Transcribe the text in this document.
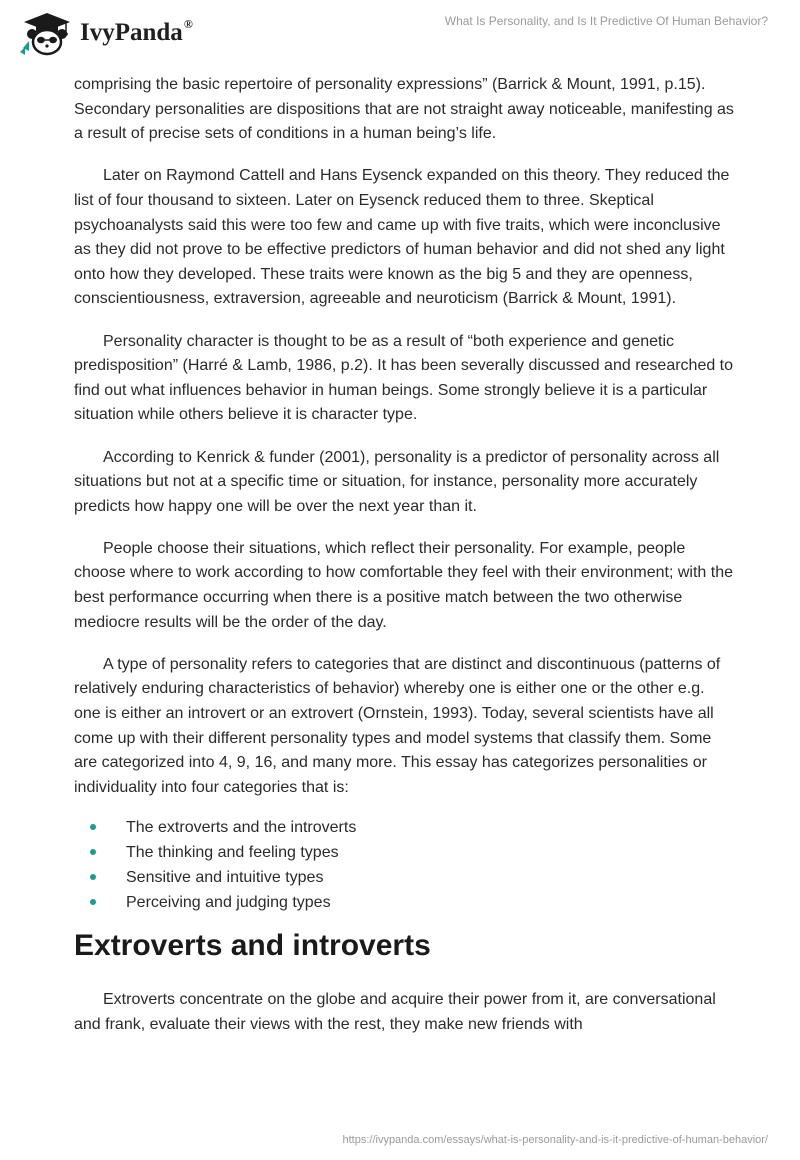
IvyPanda®	What Is Personality, and Is It Predictive Of Human Behavior?

comprising the basic repertoire of personality expressions” (Barrick & Mount, 1991, p.15). Secondary personalities are dispositions that are not straight away noticeable, manifesting as a result of precise sets of conditions in a human being’s life.

Later on Raymond Cattell and Hans Eysenck expanded on this theory. They reduced the list of four thousand to sixteen. Later on Eysenck reduced them to three. Skeptical psychoanalysts said this were too few and came up with five traits, which were inconclusive as they did not prove to be effective predictors of human behavior and did not shed any light onto how they developed. These traits were known as the big 5 and they are openness, conscientiousness, extraversion, agreeable and neuroticism (Barrick & Mount, 1991).

Personality character is thought to be as a result of “both experience and genetic predisposition” (Harré & Lamb, 1986, p.2). It has been severally discussed and researched to find out what influences behavior in human beings. Some strongly believe it is a particular situation while others believe it is character type.

According to Kenrick & funder (2001), personality is a predictor of personality across all situations but not at a specific time or situation, for instance, personality more accurately predicts how happy one will be over the next year than it.

People choose their situations, which reflect their personality. For example, people choose where to work according to how comfortable they feel with their environment; with the best performance occurring when there is a positive match between the two otherwise mediocre results will be the order of the day.

A type of personality refers to categories that are distinct and discontinuous (patterns of relatively enduring characteristics of behavior) whereby one is either one or the other e.g. one is either an introvert or an extrovert (Ornstein, 1993). Today, several scientists have all come up with their different personality types and model systems that classify them. Some are categorized into 4, 9, 16, and many more. This essay has categorizes personalities or individuality into four categories that is:

The extroverts and the introverts
The thinking and feeling types
Sensitive and intuitive types
Perceiving and judging types
Extroverts and introverts

Extroverts concentrate on the globe and acquire their power from it, are conversational and frank, evaluate their views with the rest, they make new friends with

https://ivypanda.com/essays/what-is-personality-and-is-it-predictive-of-human-behavior/
